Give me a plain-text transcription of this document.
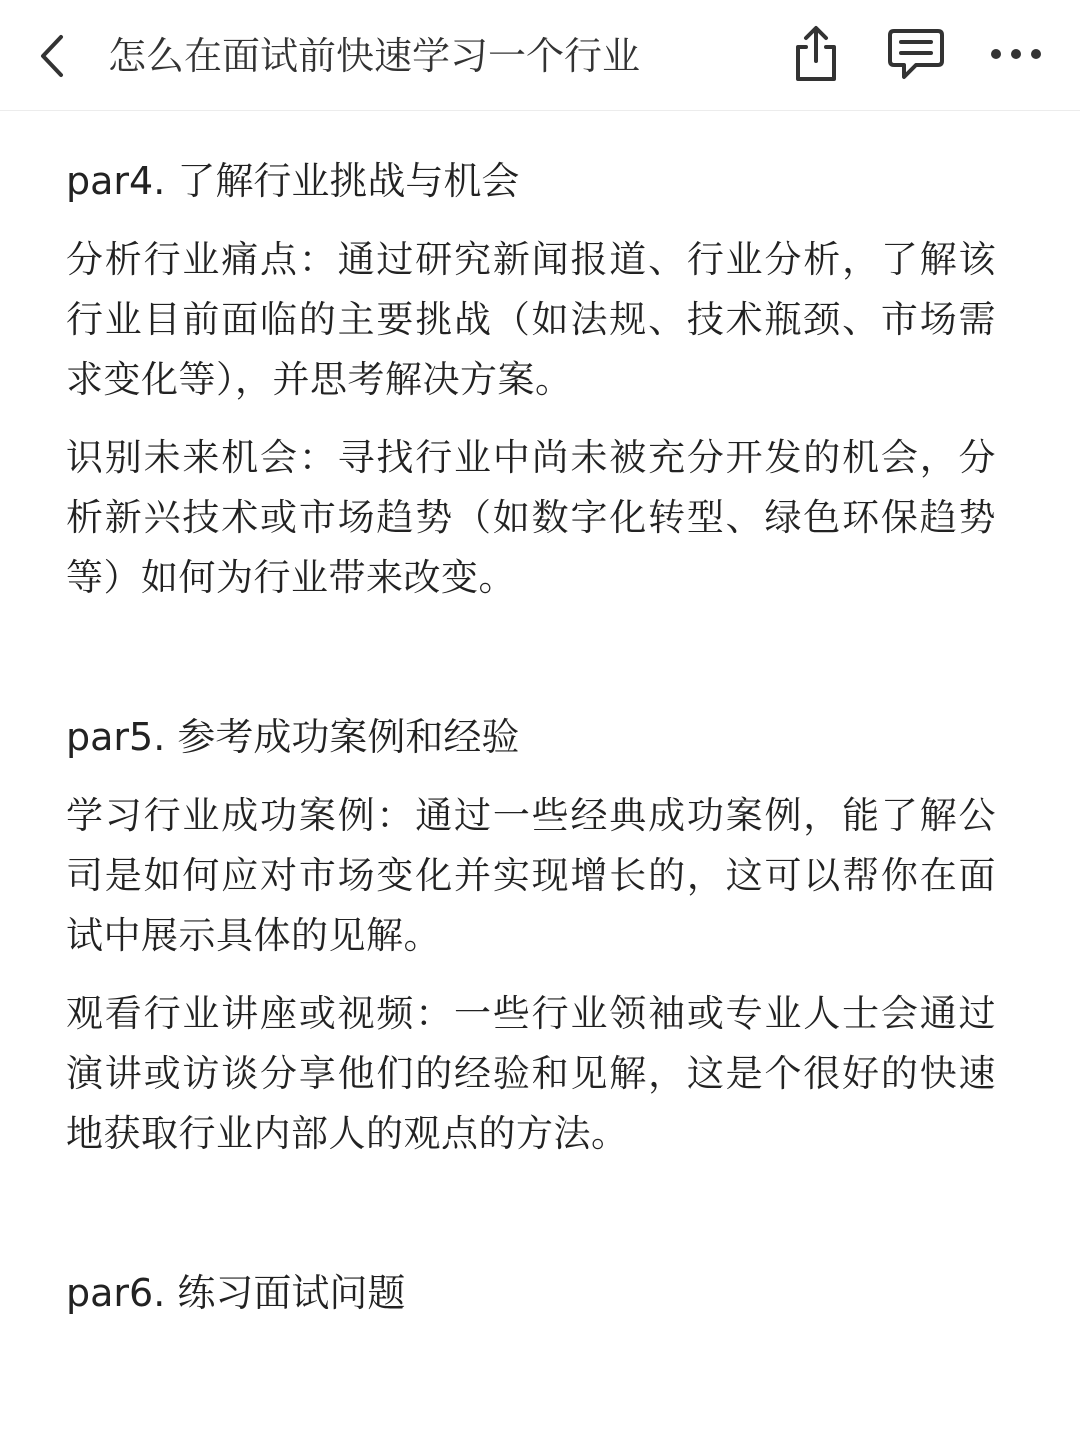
怎么在面试前快速学习一个行业
par4. 了解行业挑战与机会

分析行业痛点：通过研究新闻报道、行业分析，了解该行业目前面临的主要挑战（如法规、技术瓶颈、市场需求变化等），并思考解决方案。

识别未来机会：寻找行业中尚未被充分开发的机会，分析新兴技术或市场趋势（如数字化转型、绿色环保趋势等）如何为行业带来改变。

par5. 参考成功案例和经验

学习行业成功案例：通过一些经典成功案例，能了解公司是如何应对市场变化并实现增长的，这可以帮你在面试中展示具体的见解。

观看行业讲座或视频：一些行业领袖或专业人士会通过演讲或访谈分享他们的经验和见解，这是个很好的快速地获取行业内部人的观点的方法。

par6. 练习面试问题
